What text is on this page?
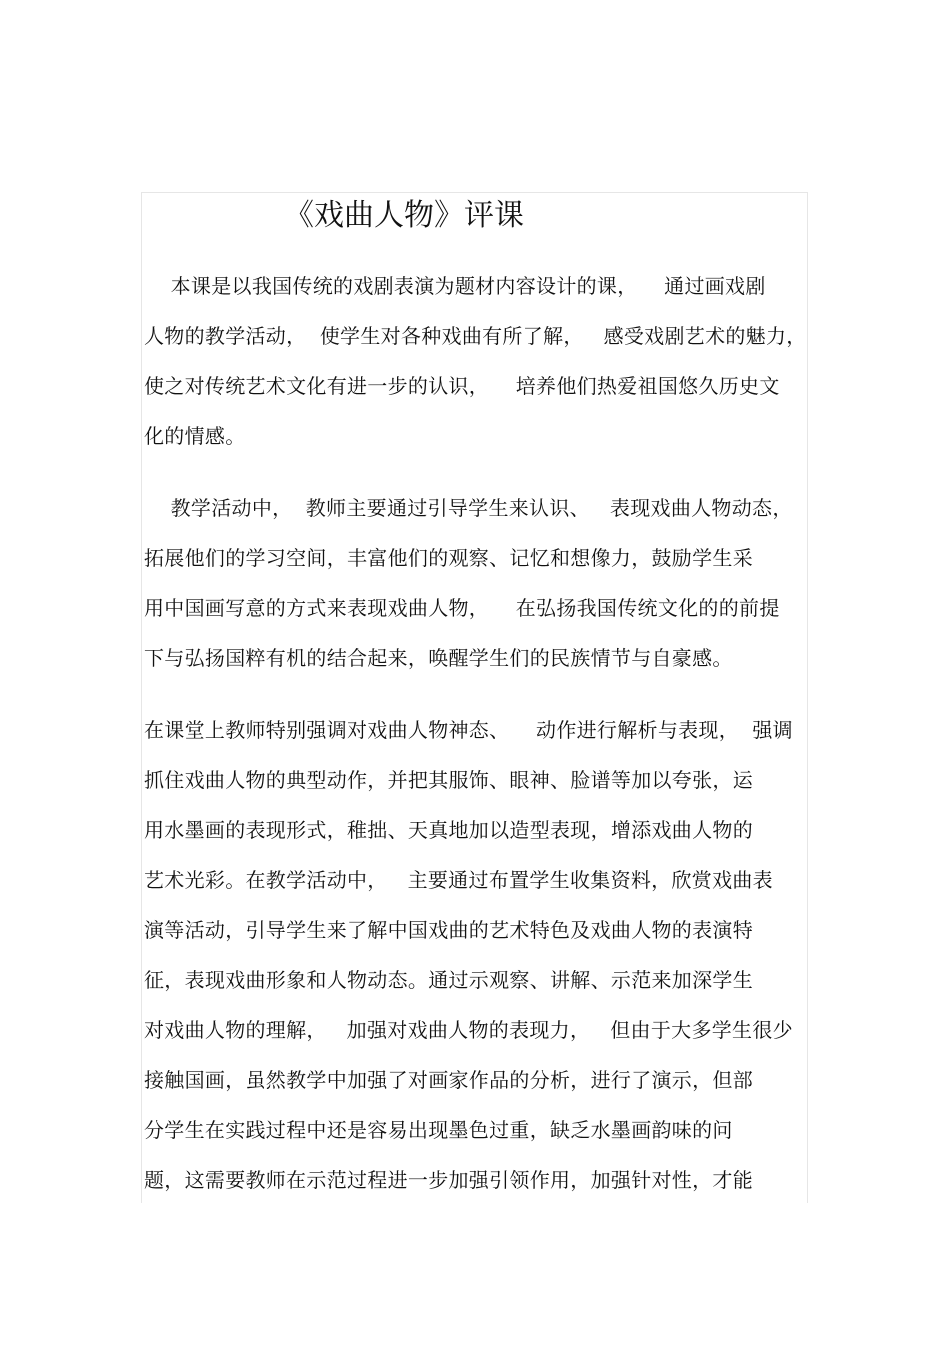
《戏曲人物》评课
本课是以我国传统的戏剧表演为题材内容设计的课，    通过画戏剧
人物的教学活动，  使学生对各种戏曲有所了解，   感受戏剧艺术的魅力，
使之对传统艺术文化有进一步的认识，    培养他们热爱祖国悠久历史文
化的情感。
教学活动中，  教师主要通过引导学生来认识、   表现戏曲人物动态，
拓展他们的学习空间，丰富他们的观察、记忆和想像力，鼓励学生采
用中国画写意的方式来表现戏曲人物，    在弘扬我国传统文化的的前提
下与弘扬国粹有机的结合起来，唤醒学生们的民族情节与自豪感。
在课堂上教师特别强调对戏曲人物神态、    动作进行解析与表现，  强调
抓住戏曲人物的典型动作，并把其服饰、眼神、脸谱等加以夸张，运
用水墨画的表现形式，稚拙、天真地加以造型表现，增添戏曲人物的
艺术光彩。在教学活动中，   主要通过布置学生收集资料，欣赏戏曲表
演等活动，引导学生来了解中国戏曲的艺术特色及戏曲人物的表演特
征，表现戏曲形象和人物动态。通过示观察、讲解、示范来加深学生
对戏曲人物的理解，   加强对戏曲人物的表现力，   但由于大多学生很少
接触国画，虽然教学中加强了对画家作品的分析，进行了演示，但部
分学生在实践过程中还是容易出现墨色过重，缺乏水墨画韵味的问
题，这需要教师在示范过程进一步加强引领作用，加强针对性，才能
